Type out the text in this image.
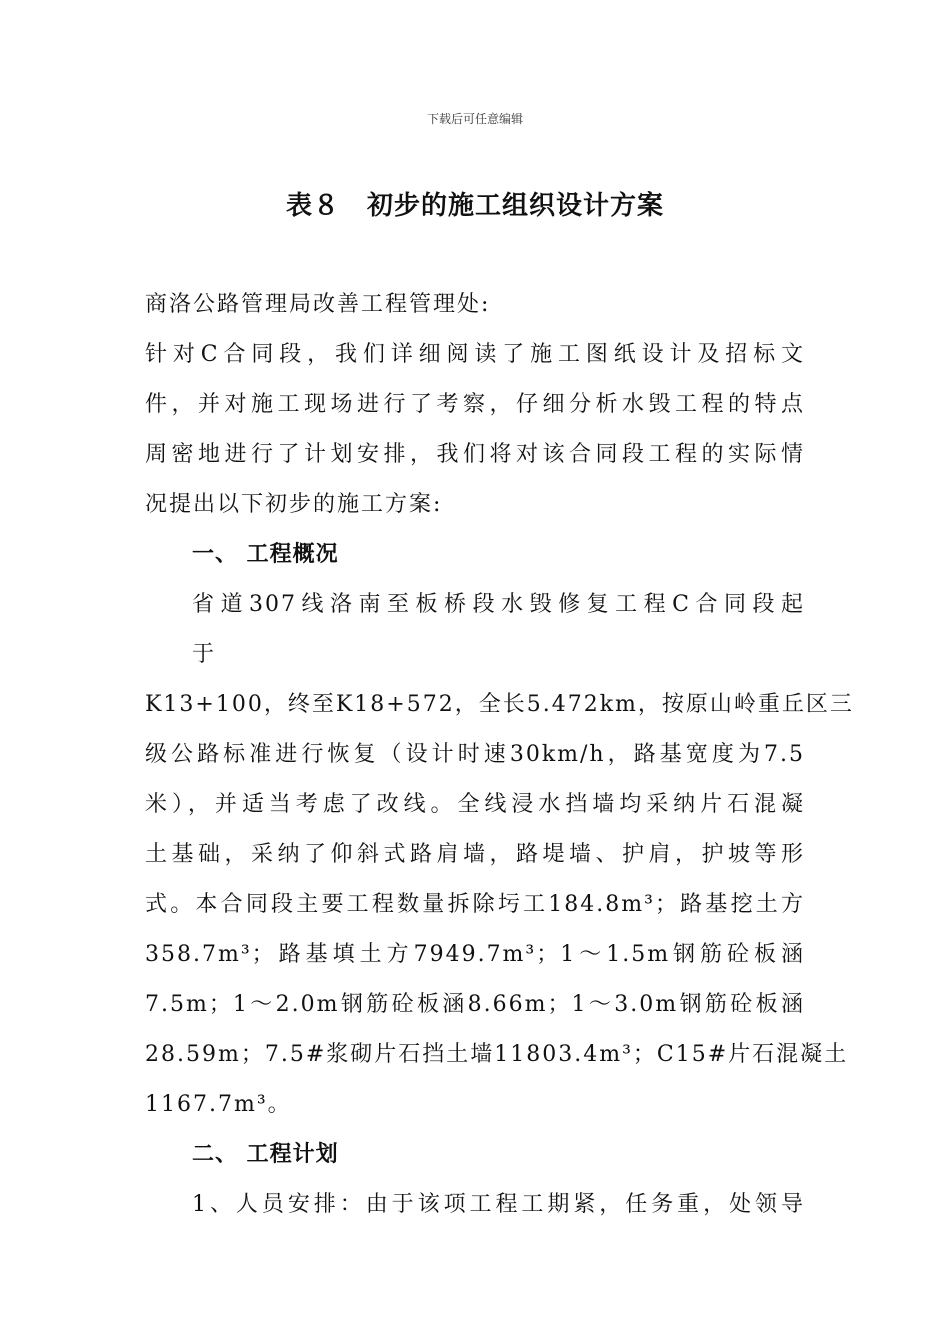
下载后可任意编辑
表８　初步的施工组织设计方案
商洛公路管理局改善工程管理处:
针对C合同段，我们详细阅读了施工图纸设计及招标文
件，并对施工现场进行了考察，仔细分析水毁工程的特点
周密地进行了计划安排，我们将对该合同段工程的实际情
况提出以下初步的施工方案:
一、 工程概况
省道307线洛南至板桥段水毁修复工程C合同段起
于
K13+100，终至K18+572，全长5.472km，按原山岭重丘区三
级公路标准进行恢复（设计时速30km/h，路基宽度为7.5
米），并适当考虑了改线。全线浸水挡墙均采纳片石混凝
土基础，采纳了仰斜式路肩墙，路堤墙、护肩，护坡等形
式。本合同段主要工程数量拆除圬工184.8m³；路基挖土方
358.7m³；路基填土方7949.7m³；1～1.5m钢筋砼板涵
7.5m；1～2.0m钢筋砼板涵8.66m；1～3.0m钢筋砼板涵
28.59m；7.5#浆砌片石挡土墙11803.4m³；C15#片石混凝土
1167.7m³。
二、 工程计划
1、人员安排：由于该项工程工期紧，任务重，处领导
